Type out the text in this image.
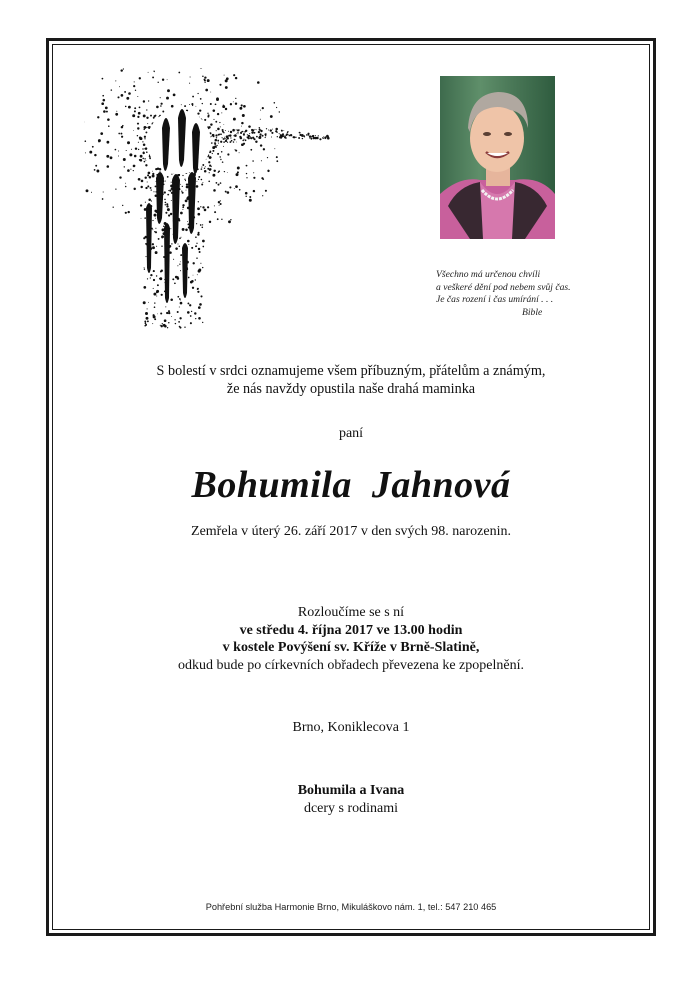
Všechno má určenou chvíli
a veškeré dění pod nebem svůj čas.
Je čas rození i čas umírání . . .
Bible
S bolestí v srdci oznamujeme všem příbuzným, přátelům a známým,
že nás navždy opustila naše drahá maminka
paní
Bohumila Jahnová
Zemřela v úterý 26. září 2017 v den svých 98. narozenin.
Rozloučíme se s ní
ve středu 4. října 2017 ve 13.00 hodin
v kostele Povýšení sv. Kříže v Brně-Slatině,
odkud bude po církevních obřadech převezena ke zpopelnění.
Brno, Koniklecova 1
Bohumila a Ivana
dcery s rodinami
Pohřební služba Harmonie Brno, Mikuláškovo nám. 1, tel.: 547 210 465
